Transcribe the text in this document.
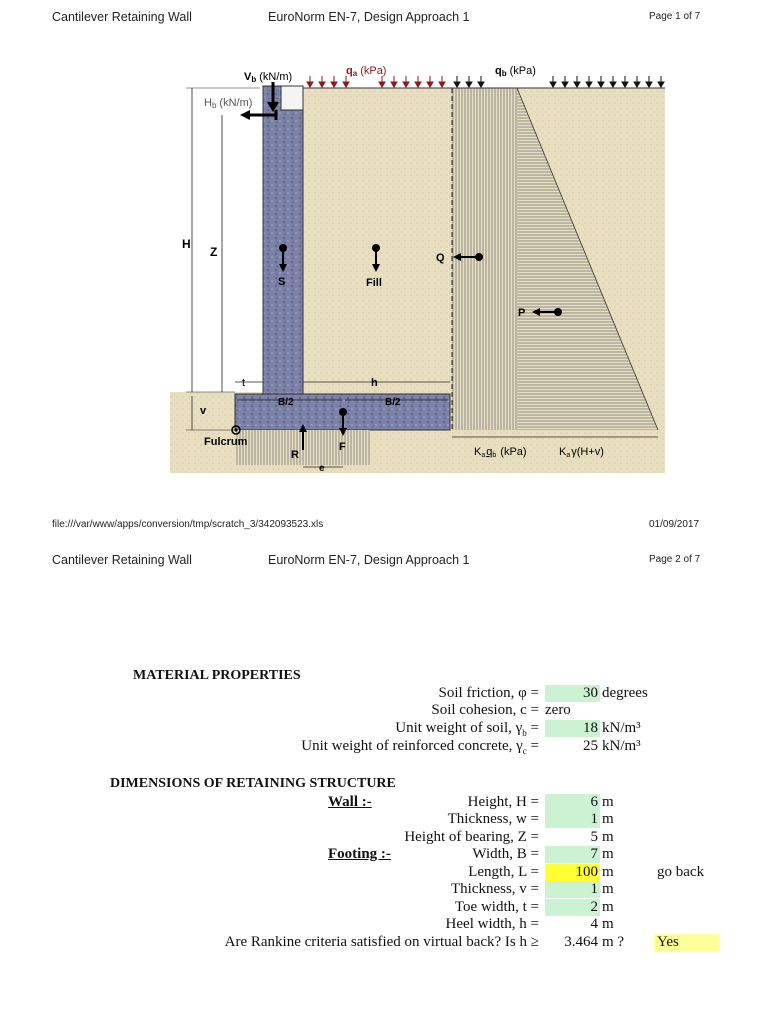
Cantilever Retaining Wall	EuroNorm EN-7, Design Approach 1	Page 1 of 7
Vb (kN/m)
Hb (kN/m)
qa (kPa)	qb (kPa)
H
Z
S	Fill
Q
P
t	h
B/2	B/2
v
Fulcrum
R
F
e
Kaqb (kPa)	Kaγ(H+v)
file:///var/www/apps/conversion/tmp/scratch_3/342093523.xls	01/09/2017
Cantilever Retaining Wall	EuroNorm EN-7, Design Approach 1	Page 2 of 7
MATERIAL PROPERTIES
Soil friction, φ =	30 degrees
Soil cohesion, c = zero
Unit weight of soil, $\gamma_b$ =	18 kN/m³
Unit weight of reinforced concrete, $\gamma_c$ =	25 kN/m³
DIMENSIONS OF RETAINING STRUCTURE
Wall :-
Footing :-
Height, H =	6 m
Thickness, w =	1 m
Height of bearing, Z =	5 m
Width, B =	7 m
Length, L =	100 m	go back
Thickness, v =	1 m
Toe width, t =	2 m
Heel width, h =	4 m
Are Rankine criteria satisfied on virtual back? Is h ≥	3.464 m ? Yes
